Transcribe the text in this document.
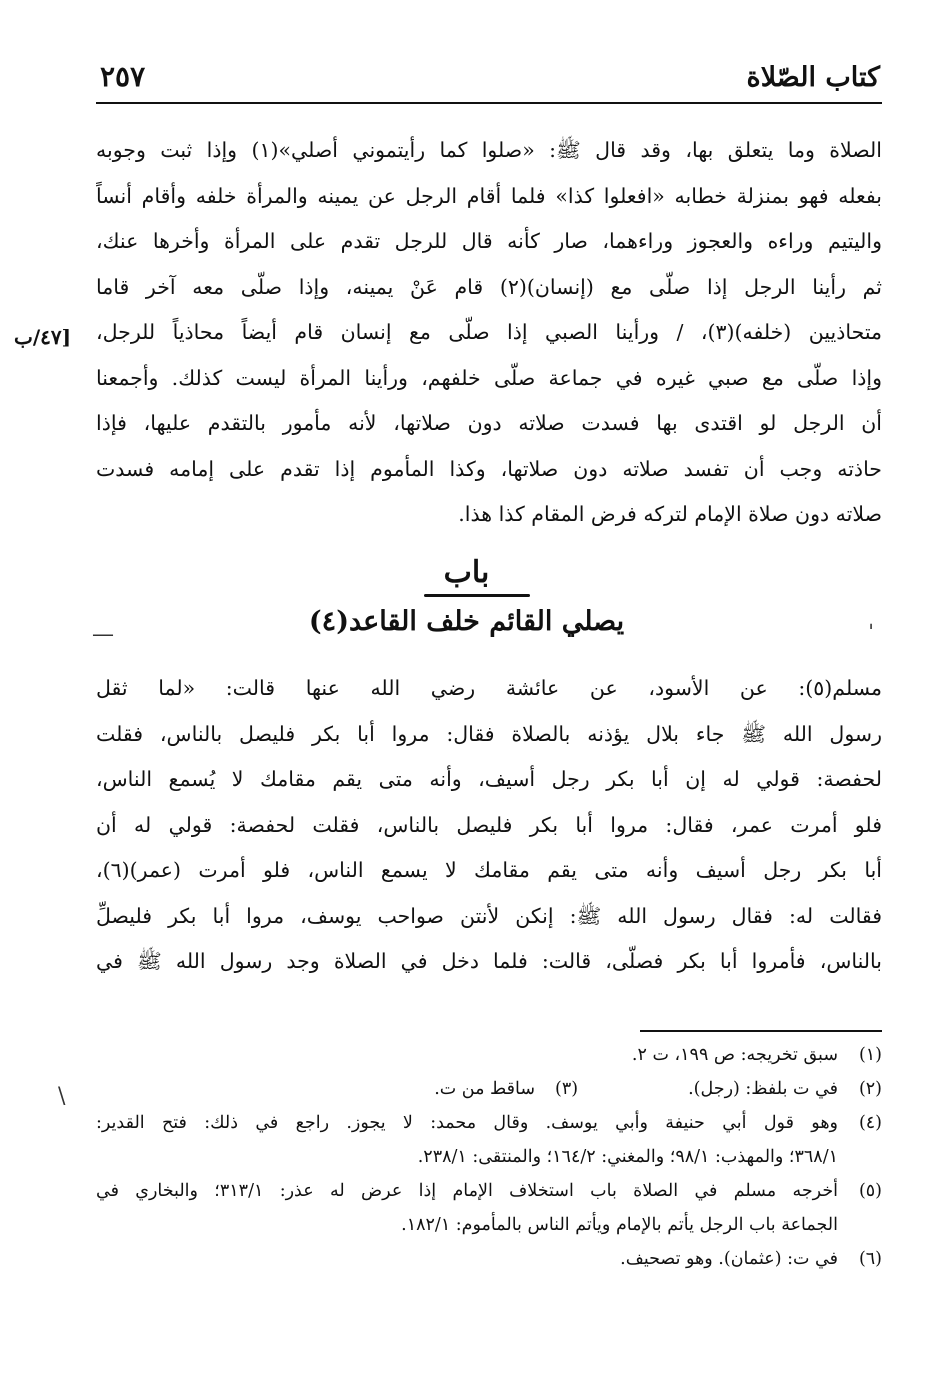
كتاب الصّلاة
٢٥٧
[٤٧/ب
الصلاة وما يتعلق بها، وقد قال ﷺ: «صلوا كما رأيتموني أصلي»(١) وإذا ثبت وجوبه
بفعله فهو بمنزلة خطابه «افعلوا كذا» فلما أقام الرجل عن يمينه والمرأة خلفه وأقام أنساً
واليتيم وراءه والعجوز وراءهما، صار كأنه قال للرجل تقدم على المرأة وأخرها عنك،
ثم رأينا الرجل إذا صلّى مع (إنسان)(٢) قام عَنْ يمينه، وإذا صلّى معه آخر قاما
متحاذيين (خلفه)(٣)، / ورأينا الصبي إذا صلّى مع إنسان قام أيضاً محاذياً للرجل،
وإذا صلّى مع صبي غيره في جماعة صلّى خلفهم، ورأينا المرأة ليست كذلك. وأجمعنا
أن الرجل لو اقتدى بها فسدت صلاته دون صلاتها، لأنه مأمور بالتقدم عليها، فإذا
حاذته وجب أن تفسد صلاته دون صلاتها، وكذا المأموم إذا تقدم على إمامه فسدت
صلاته دون صلاة الإمام لتركه فرض المقام كذا هذا.
باب
يصلي القائم خلف القاعد(٤)
—	ˈ
مسلم(٥): عن الأسود، عن عائشة رضي الله عنها قالت: «لما ثقل
رسول الله ﷺ جاء بلال يؤذنه بالصلاة فقال: مروا أبا بكر فليصل بالناس، فقلت
لحفصة: قولي له إن أبا بكر رجل أسيف، وأنه متى يقم مقامك لا يُسمع الناس،
فلو أمرت عمر، فقال: مروا أبا بكر فليصل بالناس، فقلت لحفصة: قولي له أن
أبا بكر رجل أسيف وأنه متى يقم مقامك لا يسمع الناس، فلو أمرت (عمر)(٦)،
فقالت له: فقال رسول الله ﷺ: إنكن لأنتن صواحب يوسف، مروا أبا بكر فليصلِّ
بالناس، فأمروا أبا بكر فصلّى، قالت: فلما دخل في الصلاة وجد رسول الله ﷺ في
(١)
سبق تخريجه: ص ١٩٩، ت ٢.
(٢)
في ت بلفظ: (رجل).
(٣)
ساقط من ت.
(٤)
وهو قول أبي حنيفة وأبي يوسف. وقال محمد: لا يجوز. راجع في ذلك: فتح القدير:
٣٦٨/١؛ والمهذب: ٩٨/١؛ والمغني: ١٦٤/٢؛ والمنتقى: ٢٣٨/١.
(٥)
أخرجه مسلم في الصلاة باب استخلاف الإمام إذا عرض له عذر: ٣١٣/١؛ والبخاري في
الجماعة باب الرجل يأتم بالإمام ويأتم الناس بالمأموم: ١٨٢/١.
(٦)
في ت: (عثمان). وهو تصحيف.
\
